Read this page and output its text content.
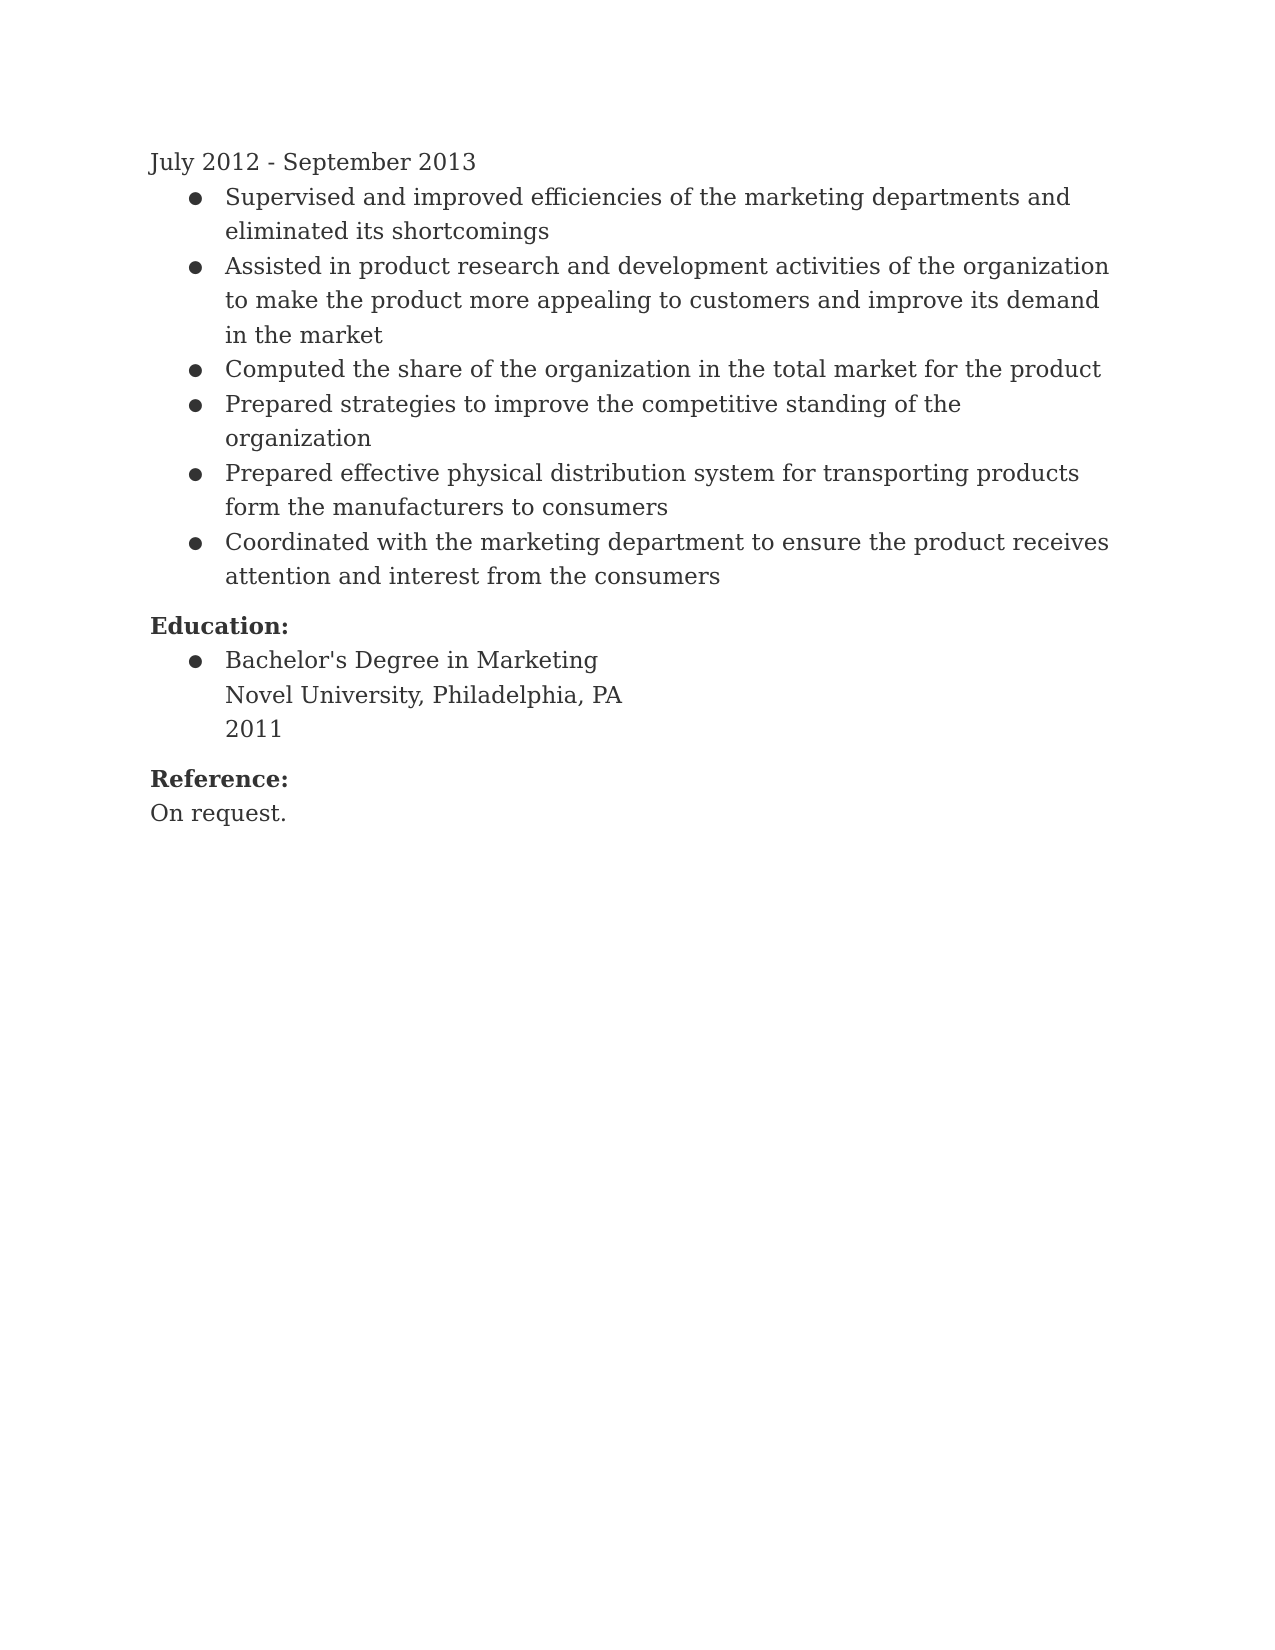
July 2012 - September 2013

● Supervised and improved efficiencies of the marketing departments and eliminated its shortcomings
● Assisted in product research and development activities of the organization to make the product more appealing to customers and improve its demand in the market
● Computed the share of the organization in the total market for the product
● Prepared strategies to improve the competitive standing of the organization
● Prepared effective physical distribution system for transporting products form the manufacturers to consumers
● Coordinated with the marketing department to ensure the product receives attention and interest from the consumers

Education:

● Bachelor's Degree in Marketing
Novel University, Philadelphia, PA
2011

Reference:

On request.
